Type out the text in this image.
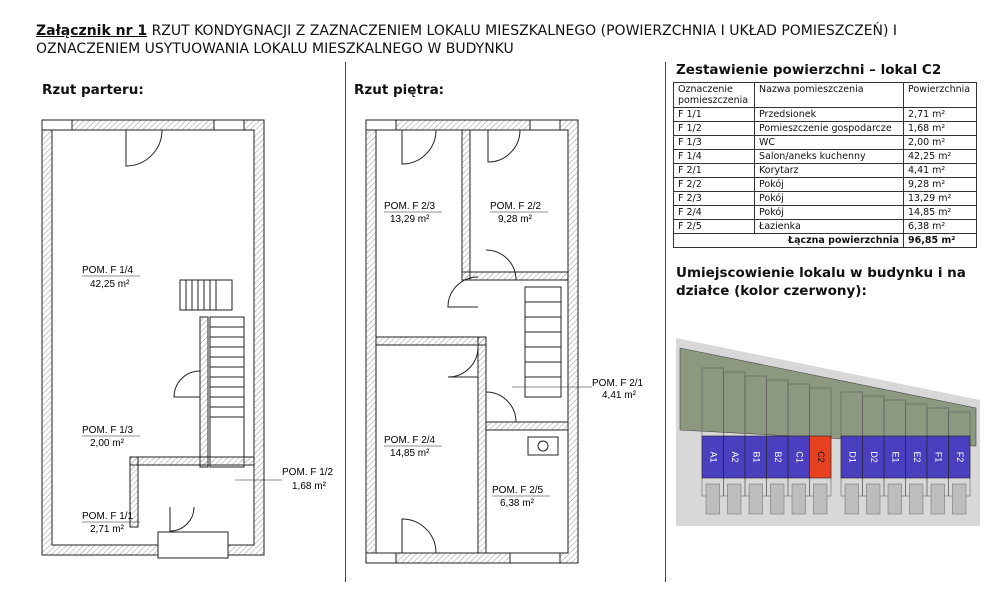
Załącznik nr 1 RZUT KONDYGNACJI Z ZAZNACZENIEM LOKALU MIESZKALNEGO (POWIERZCHNIA I UKŁAD POMIESZCZEŃ) I OZNACZENIEM USYTUOWANIA LOKALU MIESZKALNEGO W BUDYNKU
Rzut parteru:	Rzut piętra:
POM. F 1/4
42,25 m²
POM. F 1/3
2,00 m²
POM. F 1/1
2,71 m²
POM. F 1/2
1,68 m²
POM. F 2/3
13,29 m²
POM. F 2/2
9,28 m²
POM. F 2/4
14,85 m²
POM. F 2/5
6,38 m²
POM. F 2/1
4,41 m²
Zestawienie powierzchni – lokal C2
Oznaczenie pomieszczenia	Nazwa pomieszczenia	Powierzchnia
F 1/1	Przedsionek	2,71 m²
F 1/2	Pomieszczenie gospodarcze	1,68 m²
F 1/3	WC	2,00 m²
F 1/4	Salon/aneks kuchenny	42,25 m²
F 2/1	Korytarz	4,41 m²
F 2/2	Pokój	9,28 m²
F 2/3	Pokój	13,29 m²
F 2/4	Pokój	14,85 m²
F 2/5	Łazienka	6,38 m²
Łączna powierzchnia		96,85 m²
Umiejscowienie lokalu w budynku i na działce (kolor czerwony):
A1 A2 B1 B2 C1 C2 D1 D2 E1 E2 F1 F2
